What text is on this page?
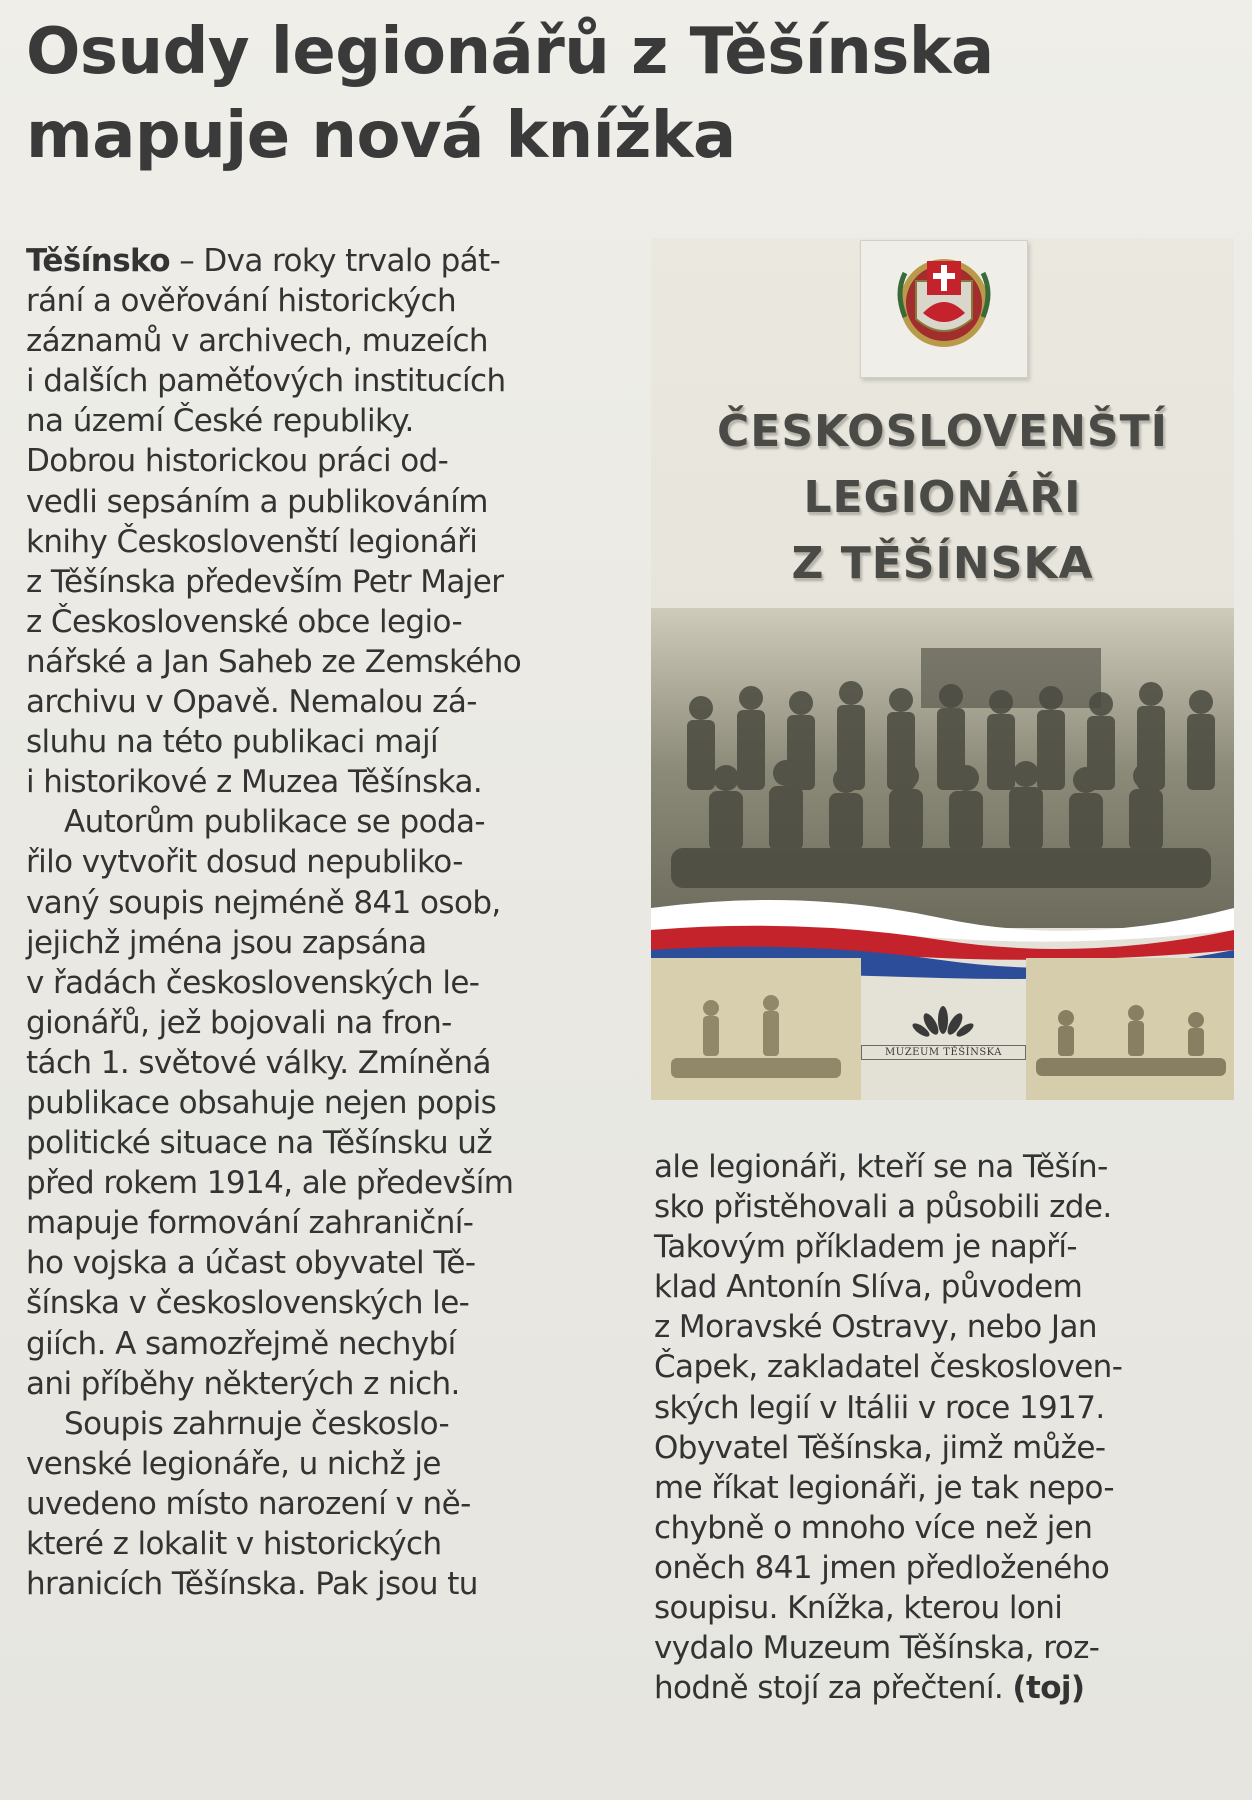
Osudy legionářů z Těšínska
mapuje nová knížka
Těšínsko – Dva roky trvalo pát-
rání a ověřování historických
záznamů v archivech, muzeích
i dalších paměťových institucích
na území České republiky.
Dobrou historickou práci od-
vedli sepsáním a publikováním
knihy Českoslovenští legionáři
z Těšínska především Petr Majer
z Československé obce legio-
nářské a Jan Saheb ze Zemského
archivu v Opavě. Nemalou zá-
sluhu na této publikaci mají
i historikové z Muzea Těšínska.
Autorům publikace se poda-
řilo vytvořit dosud nepubliko-
vaný soupis nejméně 841 osob,
jejichž jména jsou zapsána
v řadách československých le-
gionářů, jež bojovali na fron-
tách 1. světové války. Zmíněná
publikace obsahuje nejen popis
politické situace na Těšínsku už
před rokem 1914, ale především
mapuje formování zahraniční-
ho vojska a účast obyvatel Tě-
šínska v československých le-
giích. A samozřejmě nechybí
ani příběhy některých z nich.
Soupis zahrnuje českoslo-
venské legionáře, u nichž je
uvedeno místo narození v ně-
které z lokalit v historických
hranicích Těšínska. Pak jsou tu
ČESKOSLOVENŠTÍ
LEGIONÁŘI
Z TĚŠÍNSKA
MUZEUM TĚŠÍNSKA
ale legionáři, kteří se na Těšín-
sko přistěhovali a působili zde.
Takovým příkladem je napří-
klad Antonín Slíva, původem
z Moravské Ostravy, nebo Jan
Čapek, zakladatel českosloven-
ských legií v Itálii v roce 1917.
Obyvatel Těšínska, jimž může-
me říkat legionáři, je tak nepo-
chybně o mnoho více než jen
oněch 841 jmen předloženého
soupisu. Knížka, kterou loni
vydalo Muzeum Těšínska, roz-
hodně stojí za přečtení. (toj)
